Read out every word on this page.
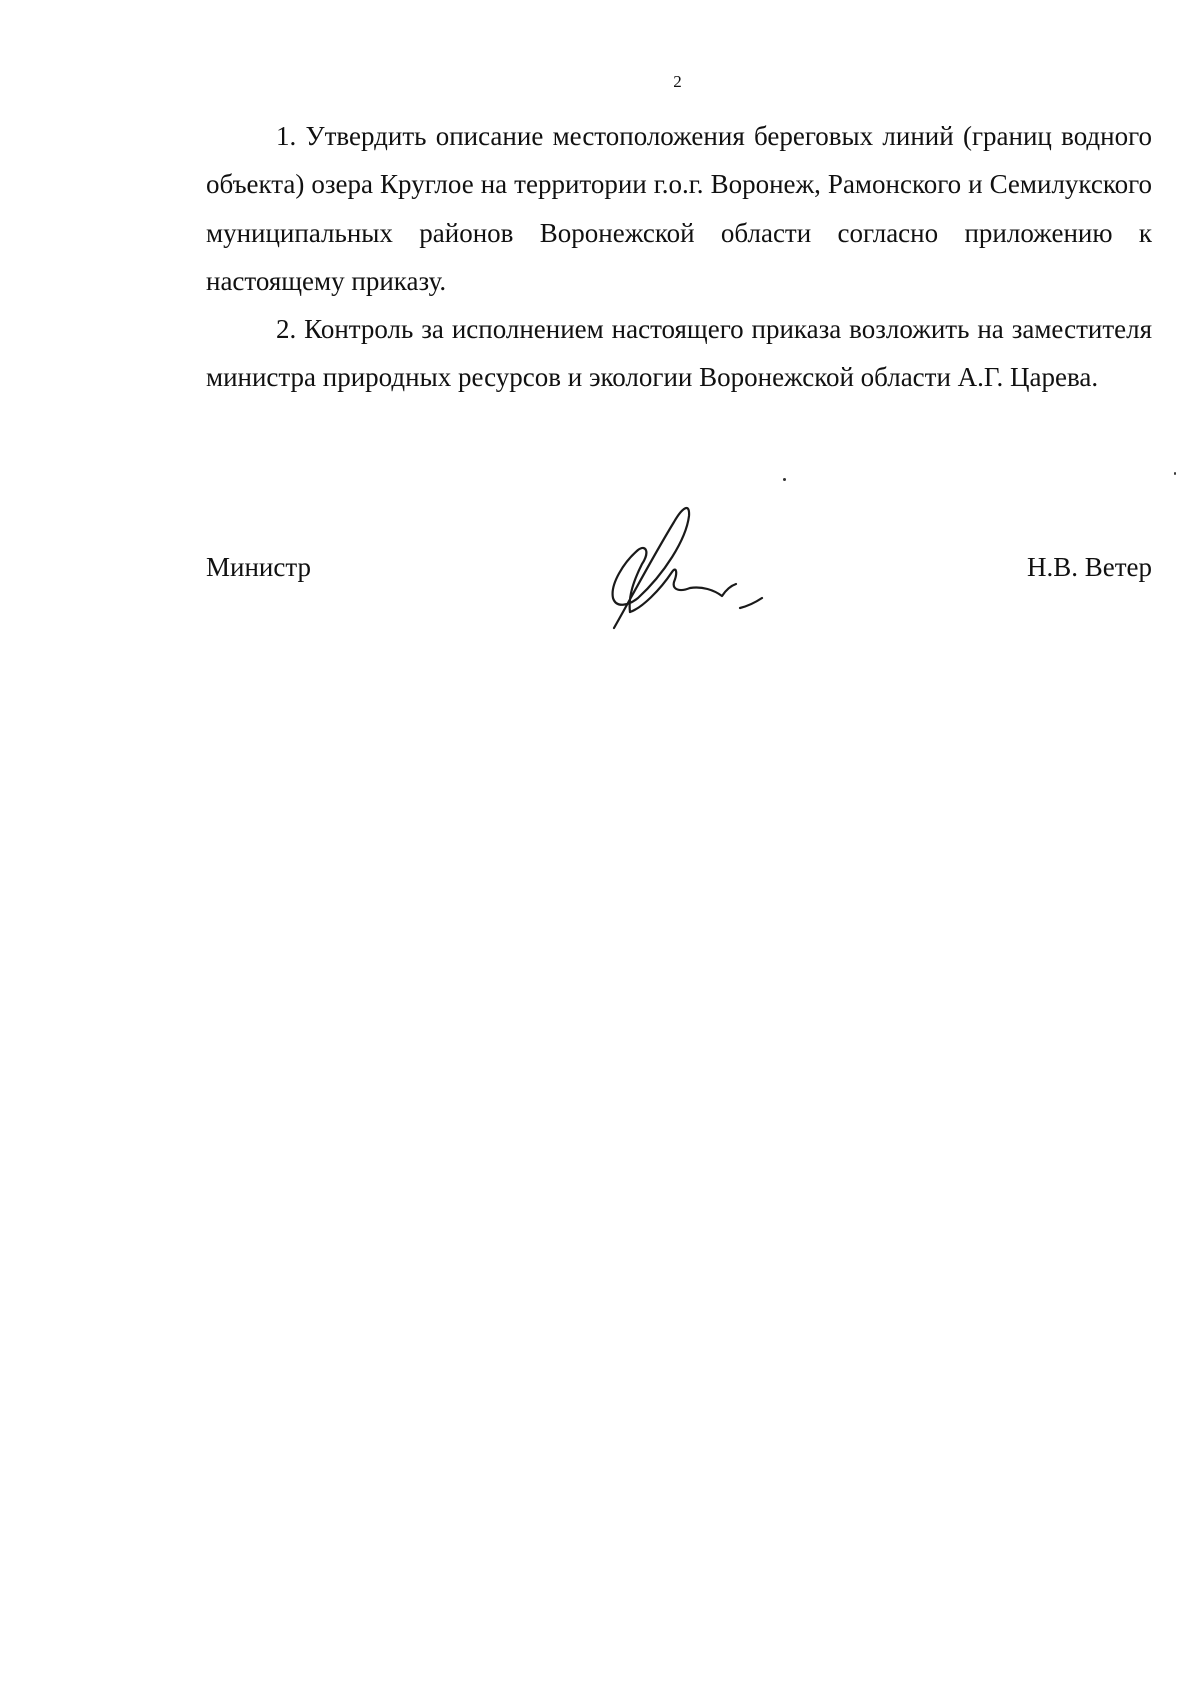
2

1. Утвердить описание местоположения береговых линий (границ водного объекта) озера Круглое на территории г.о.г. Воронеж, Рамонского и Семилукского муниципальных районов Воронежской области согласно приложению к настоящему приказу.

2. Контроль за исполнением настоящего приказа возложить на заместителя министра природных ресурсов и экологии Воронежской области А.Г. Царева.

Министр	Н.В. Ветер
